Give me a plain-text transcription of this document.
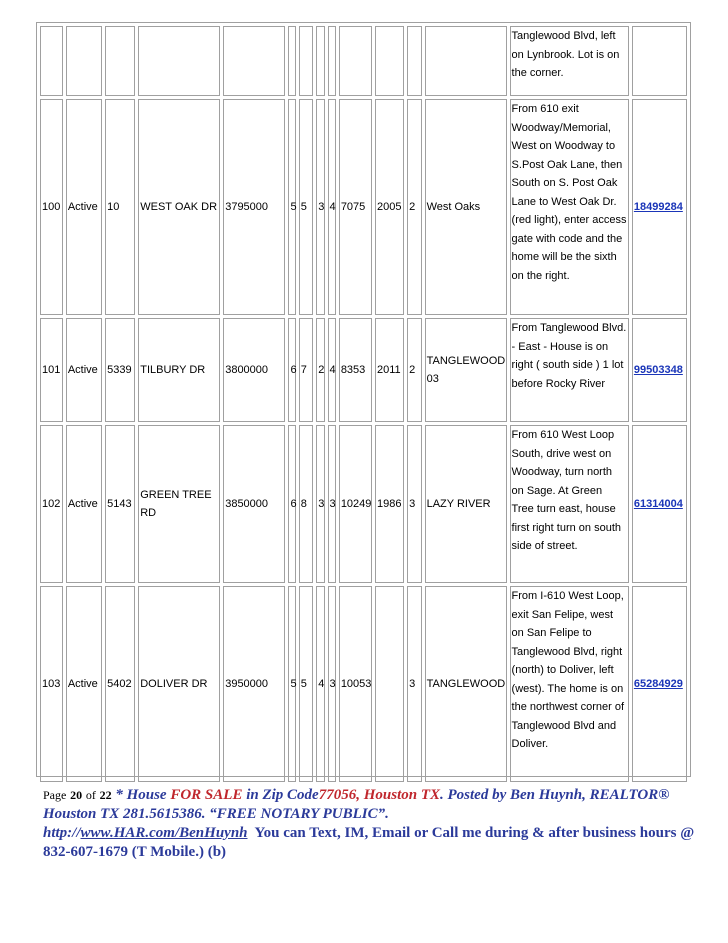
													Tanglewood Blvd, left on Lynbrook. Lot is on the corner.	
100	Active	10	WEST OAK DR	3795000	5	5	3	4	7075	2005	2	West Oaks	From 610 exit Woodway/Memorial, West on Woodway to S.Post Oak Lane, then South on S. Post Oak Lane to West Oak Dr. (red light), enter access gate with code and the home will be the sixth on the right.	18499284
101	Active	5339	TILBURY DR	3800000	6	7	2	4	8353	2011	2	TANGLEWOOD 03	From Tanglewood Blvd. - East - House is on right ( south side ) 1 lot before Rocky River	99503348
102	Active	5143	GREEN TREE RD	3850000	6	8	3	3	10249	1986	3	LAZY RIVER	From 610 West Loop South, drive west on Woodway, turn north on Sage. At Green Tree turn east, house first right turn on south side of street.	61314004
103	Active	5402	DOLIVER DR	3950000	5	5	4	3	10053		3	TANGLEWOOD	From I-610 West Loop, exit San Felipe, west on San Felipe to Tanglewood Blvd, right (north) to Doliver, left (west). The home is on the northwest corner of Tanglewood Blvd and Doliver.	65284929
Page 20 of 22 * House FOR SALE in Zip Code77056, Houston TX. Posted by Ben Huynh, REALTOR® Houston TX 281.5615386. “FREE NOTARY PUBLIC”.
http://www.HAR.com/BenHuynh You can Text, IM, Email or Call me during & after business hours @ 832-607-1679 (T Mobile.) (b)
